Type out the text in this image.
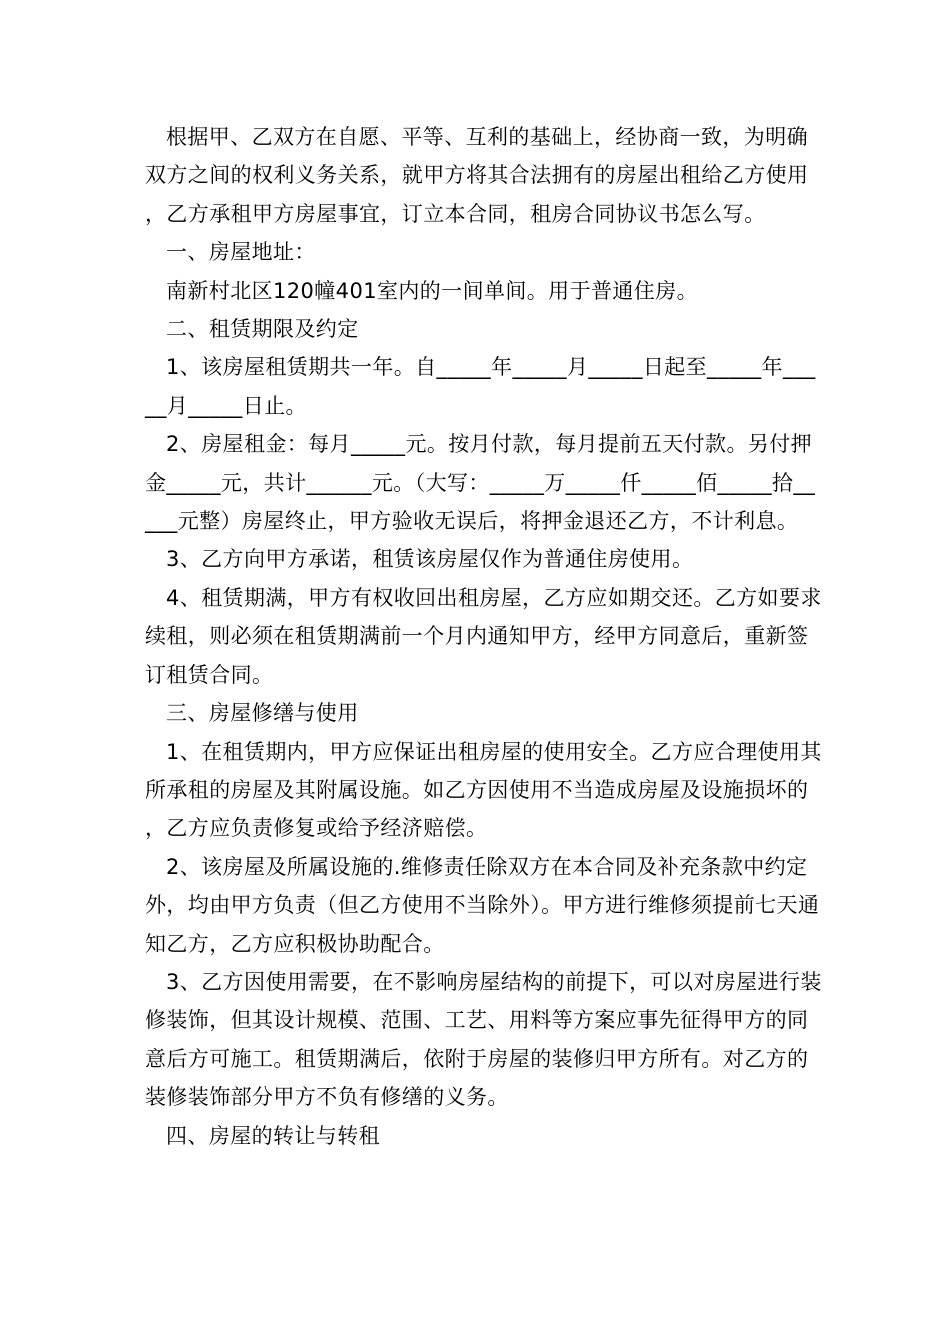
根据甲、乙双方在自愿、平等、互利的基础上，经协商一致，为明确双方之间的权利义务关系，就甲方将其合法拥有的房屋出租给乙方使用，乙方承租甲方房屋事宜，订立本合同，租房合同协议书怎么写。

一、房屋地址：

南新村北区120幢401室内的一间单间。用于普通住房。

二、租赁期限及约定

1、该房屋租赁期共一年。自_____年_____月_____日起至_____年_____月_____日止。

2、房屋租金：每月_____元。按月付款，每月提前五天付款。另付押金_____元，共计______元。（大写：_____万_____仟_____佰_____拾_____元整）房屋终止，甲方验收无误后，将押金退还乙方，不计利息。

3、乙方向甲方承诺，租赁该房屋仅作为普通住房使用。

4、租赁期满，甲方有权收回出租房屋，乙方应如期交还。乙方如要求续租，则必须在租赁期满前一个月内通知甲方，经甲方同意后，重新签订租赁合同。

三、房屋修缮与使用

1、在租赁期内，甲方应保证出租房屋的使用安全。乙方应合理使用其所承租的房屋及其附属设施。如乙方因使用不当造成房屋及设施损坏的，乙方应负责修复或给予经济赔偿。

2、该房屋及所属设施的.维修责任除双方在本合同及补充条款中约定外，均由甲方负责（但乙方使用不当除外）。甲方进行维修须提前七天通知乙方，乙方应积极协助配合。

3、乙方因使用需要，在不影响房屋结构的前提下，可以对房屋进行装修装饰，但其设计规模、范围、工艺、用料等方案应事先征得甲方的同意后方可施工。租赁期满后，依附于房屋的装修归甲方所有。对乙方的装修装饰部分甲方不负有修缮的义务。

四、房屋的转让与转租
